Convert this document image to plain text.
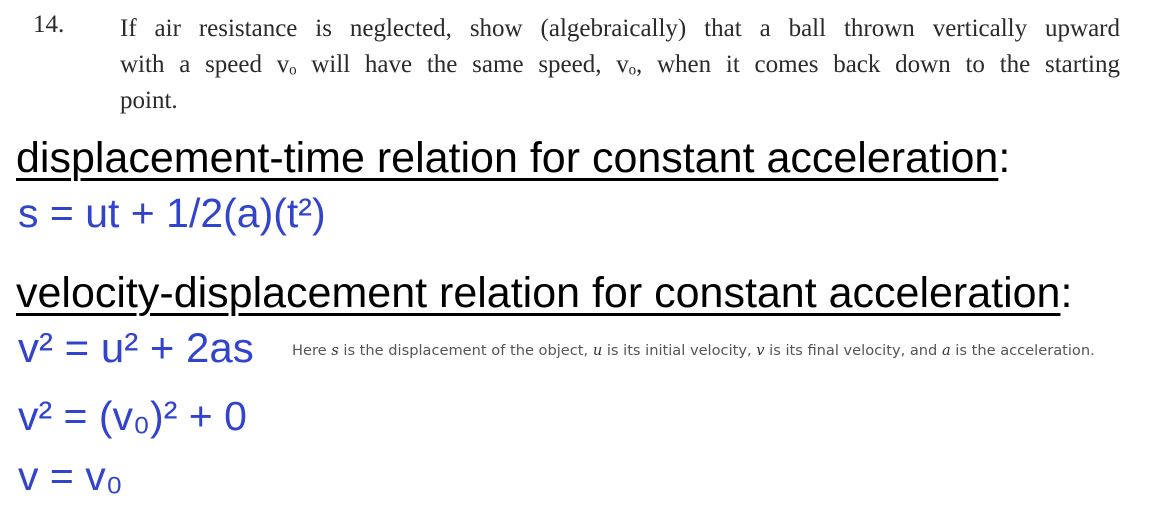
14. If air resistance is neglected, show (algebraically) that a ball thrown vertically upward
with a speed vₒ will have the same speed, vₒ, when it comes back down to the starting
point.
displacement-time relation for constant acceleration:
s = ut + 1/2(a)(t²)
velocity-displacement relation for constant acceleration:
v² = u² + 2as	Here s is the displacement of the object, u is its initial velocity, v is its final velocity, and a is the acceleration.
v² = (v₀)² + 0
v = v₀
